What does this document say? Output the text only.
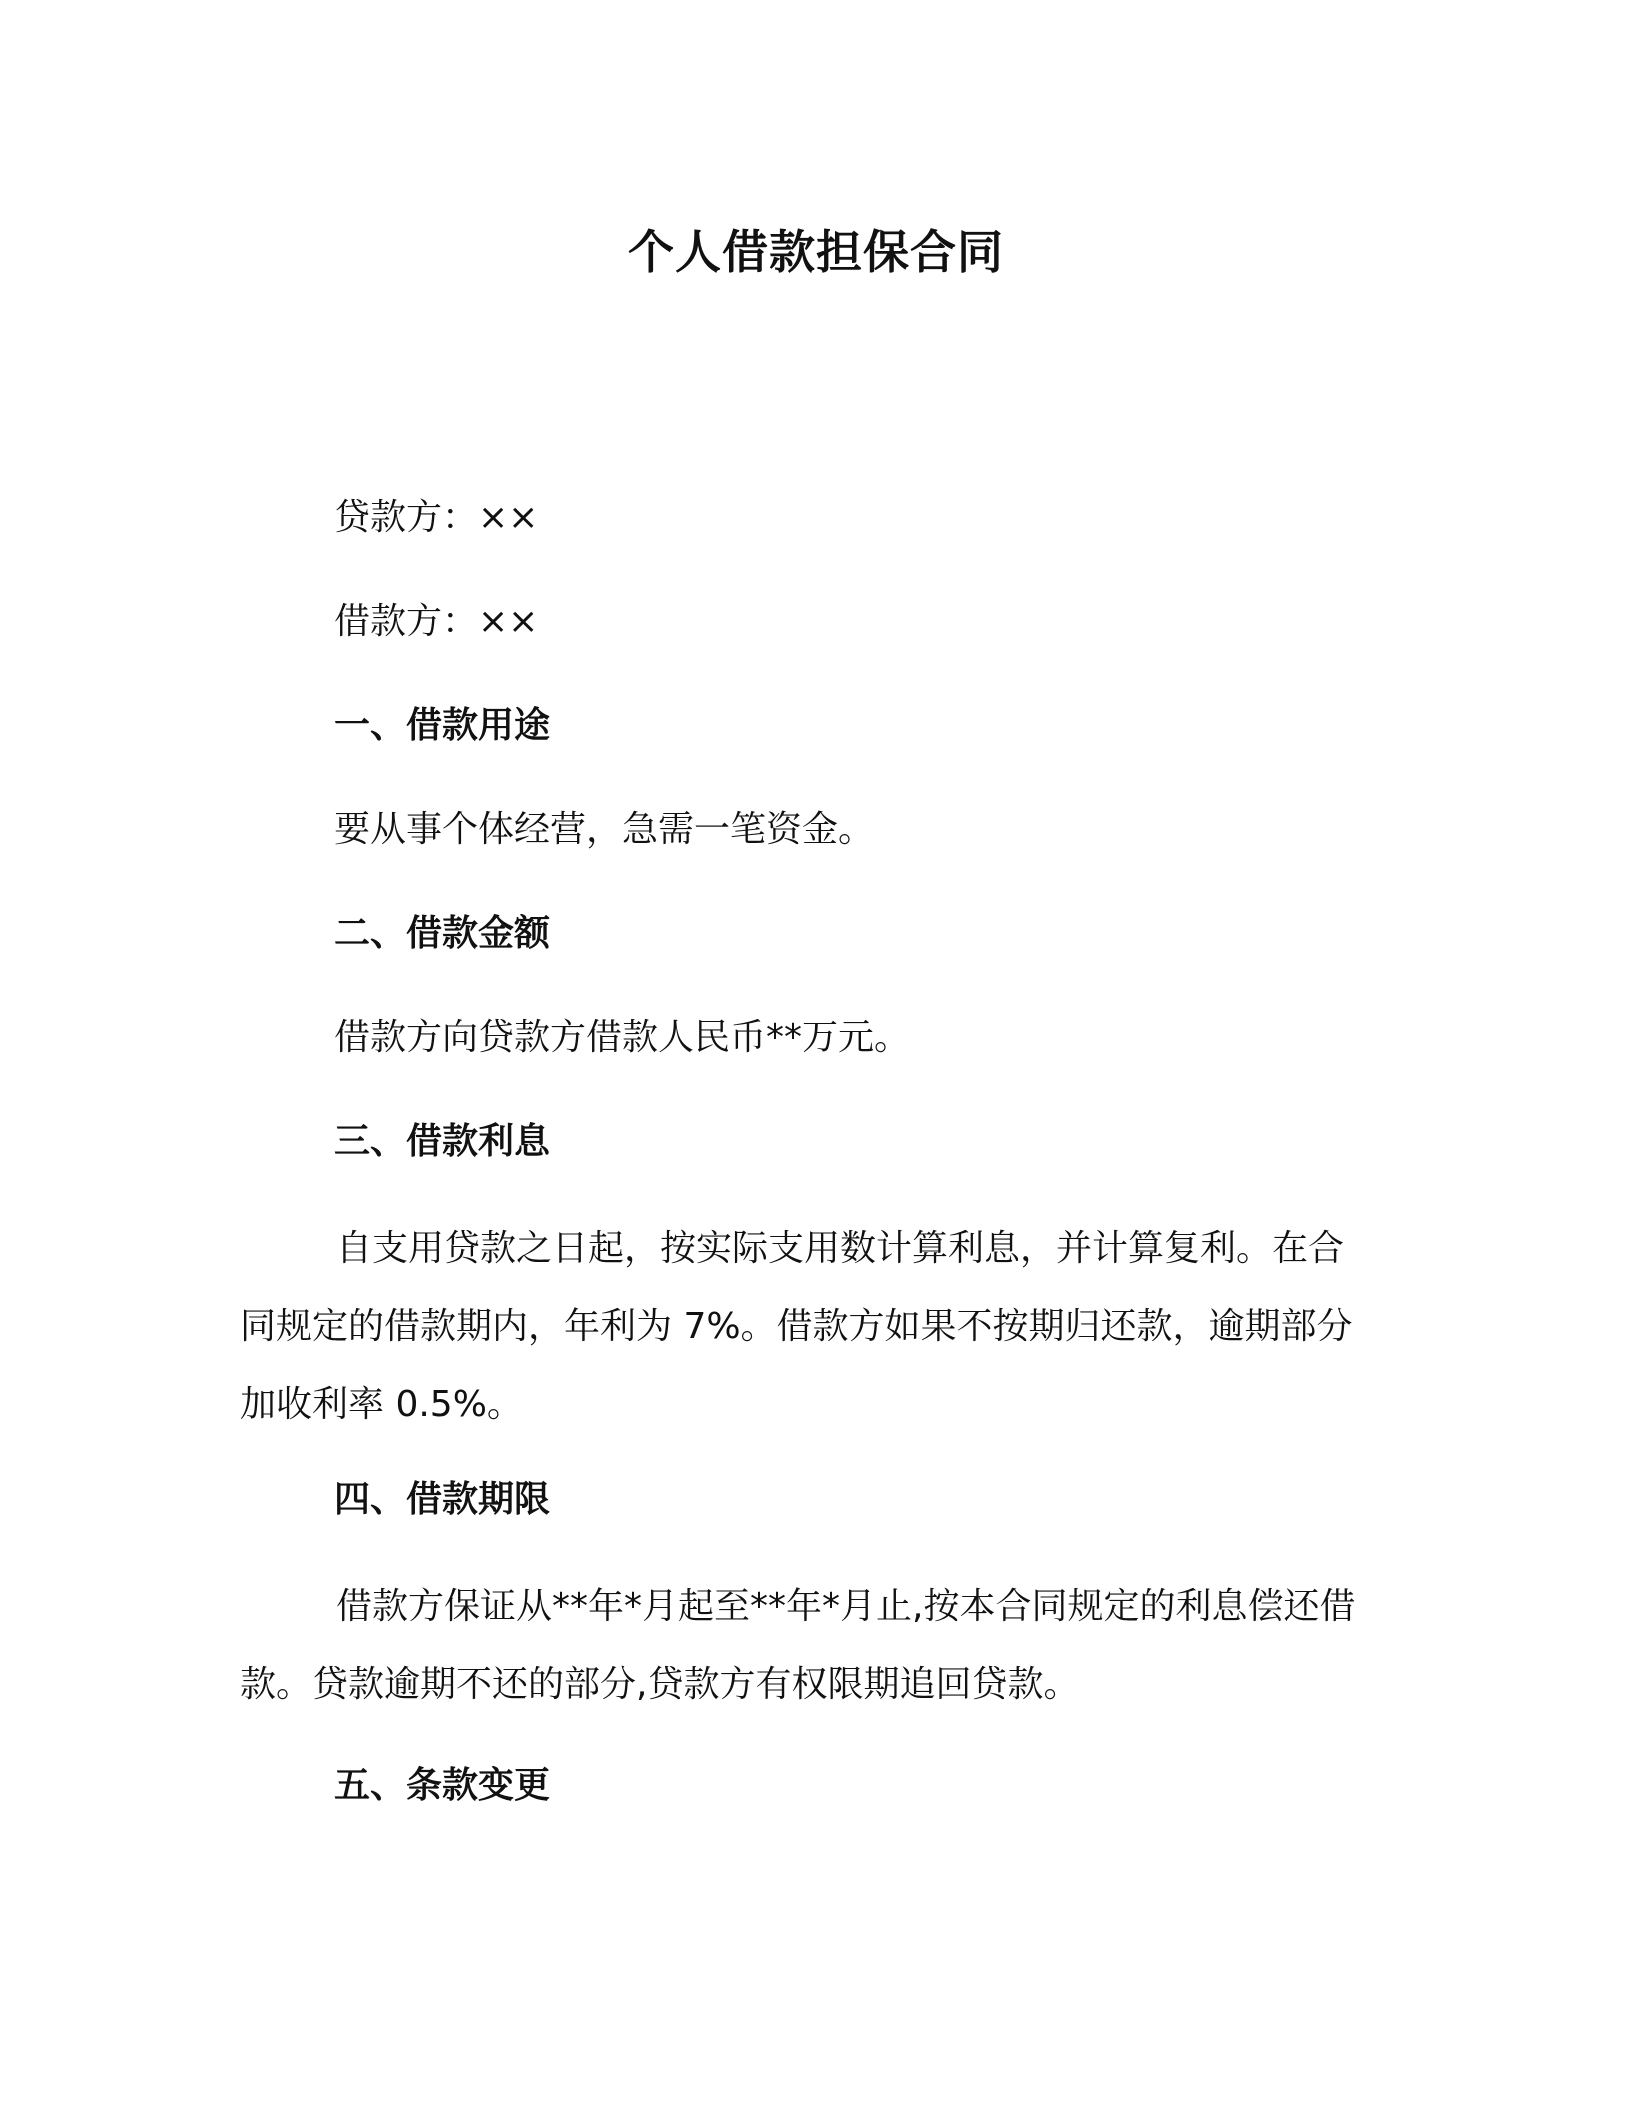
个人借款担保合同
贷款方：××
借款方：××
一、借款用途
要从事个体经营，急需一笔资金。
二、借款金额
借款方向贷款方借款人民币**万元。
三、借款利息
自支用贷款之日起，按实际支用数计算利息，并计算复利。在合
同规定的借款期内，年利为 7%。借款方如果不按期归还款，逾期部分
加收利率 0.5%。
四、借款期限
借款方保证从**年*月起至**年*月止,按本合同规定的利息偿还借
款。贷款逾期不还的部分,贷款方有权限期追回贷款。
五、条款变更
